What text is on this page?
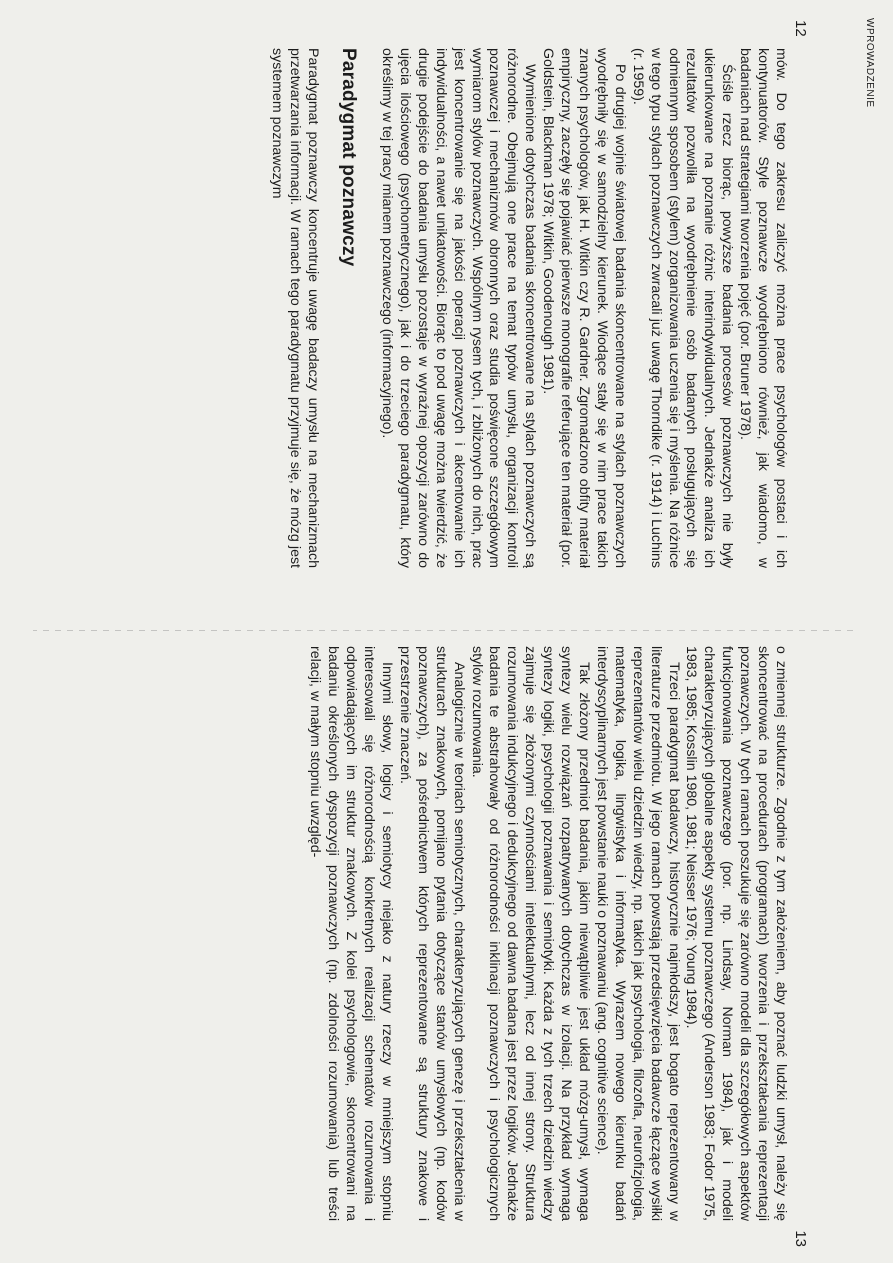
WPROWADZENIE
12

mów. Do tego zakresu zaliczyć można prace psychologów postaci i ich kontynuatorów. Style poznawcze wyodrębniono również, jak wiadomo, w badaniach nad strategiami tworzenia pojęć (por. Bruner 1978).

Ściśle rzecz biorąc, powyższe badania procesów poznawczych nie były ukierunkowane na poznanie różnic interindywidualnych. Jednakże analiza ich rezultatów pozwoliła na wyodrębnienie osób badanych posługujących się odmiennym sposobem (stylem) zorganizowania uczenia się i myślenia. Na różnice w tego typu stylach poznawczych zwracali już uwagę Thorndike (r. 1914) i Luchins (r. 1959).

Po drugiej wojnie światowej badania skoncentrowane na stylach poznawczych wyodrębniły się w samodzielny kierunek. Wiodące stały się w nim prace takich znanych psychologów, jak H. Witkin czy R. Gardner. Zgromadzono obfity materiał empiryczny, zaczęły się pojawiać pierwsze monografie referujące ten materiał (por. Goldstein, Blackman 1978; Witkin, Goodenough 1981).

Wymienione dotychczas badania skoncentrowane na stylach poznawczych są różnorodne. Obejmują one prace na temat typów umysłu, organizacji kontroli poznawczej i mechanizmów obronnych oraz studia poświęcone szczegółowym wymiarom stylów poznawczych. Wspólnym rysem tych, i zbliżonych do nich, prac jest koncentrowanie się na jakości operacji poznawczych i akcentowanie ich indywidualności, a nawet unikatowości. Biorąc to pod uwagę można twierdzić, że drugie podejście do badania umysłu pozostaje w wyraźnej opozycji zarówno do ujęcia ilościowego (psychometrycznego), jak i do trzeciego paradygmatu, który określimy w tej pracy mianem poznawczego (informacyjnego).

Paradygmat poznawczy

Paradygmat poznawczy koncentruje uwagę badaczy umysłu na mechanizmach przetwarzania informacji. W ramach tego paradygmatu przyjmuje się, że mózg jest systemem poznawczym

13

o zmiennej strukturze. Zgodnie z tym założeniem, aby poznać ludzki umysł, należy się skoncentrować na procedurach (programach) tworzenia i przekształcania reprezentacji poznawczych. W tych ramach poszukuje się zarówno modeli dla szczegółowych aspektów funkcjonowania poznawczego (por. np. Lindsay, Norman 1984), jak i modeli charakteryzujących globalne aspekty systemu poznawczego (Anderson 1983; Fodor 1975, 1983, 1985; Kosslin 1980, 1981; Neisser 1976; Young 1984).

Trzeci paradygmat badawczy, historycznie najmłodszy, jest bogato reprezentowany w literaturze przedmiotu. W jego ramach powstają przedsięwzięcia badawcze łączące wysiłki reprezentantów wielu dziedzin wiedzy, np. takich jak psychologia, filozofia, neurofizjologia, matematyka, logika, lingwistyka i informatyka. Wyrazem nowego kierunku badań interdyscyplinarnych jest powstanie nauki o poznawaniu (ang. cognitive science).

Tak złożony przedmiot badania, jakim niewątpliwie jest układ mózg-umysł, wymaga syntezy wielu rozwiązań rozpatrywanych dotychczas w izolacji. Na przykład wymaga syntezy logiki, psychologii poznawania i semiotyki. Każda z tych trzech dziedzin wiedzy zajmuje się złożonymi czynnościami intelektualnymi, lecz od innej strony. Struktura rozumowania indukcyjnego i dedukcyjnego od dawna badana jest przez logików. Jednakże badania te abstrahowały od różnorodności inklinacji poznawczych i psychologicznych stylów rozumowania.

Analogicznie w teoriach semiotycznych, charakteryzujących genezę i przekształcenia w strukturach znakowych, pomijano pytania dotyczące stanów umysłowych (np. kodów poznawczych), za pośrednictwem których reprezentowane są struktury znakowe i przestrzenie znaczeń.

Innymi słowy, logicy i semiotycy niejako z natury rzeczy w mniejszym stopniu interesowali się różnorodnością konkretnych realizacji schematów rozumowania i odpowiadających im struktur znakowych. Z kolei psychologowie, skoncentrowani na badaniu określonych dyspozycji poznawczych (np. zdolności rozumowania) lub treści relacji, w małym stopniu uwzględ-
